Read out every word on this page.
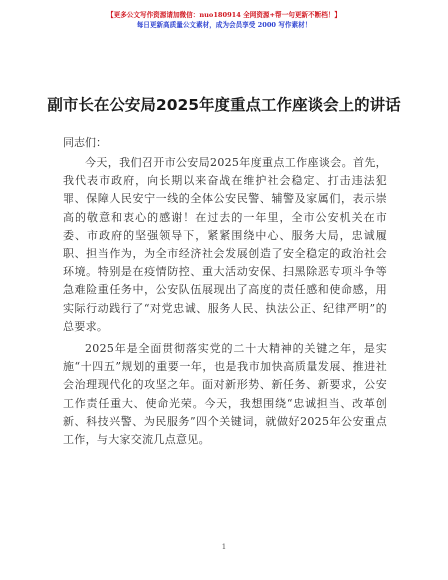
【更多公文写作资源请加微信：nuo180914 全网资源+帮一句更新不断档！】
每日更新高质量公文素材，成为会员享受 2000 写作素材！
副市长在公安局2025年度重点工作座谈会上的讲话
同志们：

今天，我们召开市公安局2025年度重点工作座谈会。首先，我代表市政府，向长期以来奋战在维护社会稳定、打击违法犯罪、保障人民安宁一线的全体公安民警、辅警及家属们，表示崇高的敬意和衷心的感谢！在过去的一年里，全市公安机关在市委、市政府的坚强领导下，紧紧围绕中心、服务大局，忠诚履职、担当作为，为全市经济社会发展创造了安全稳定的政治社会环境。特别是在疫情防控、重大活动安保、扫黑除恶专项斗争等急难险重任务中，公安队伍展现出了高度的责任感和使命感，用实际行动践行了“对党忠诚、服务人民、执法公正、纪律严明”的总要求。

2025年是全面贯彻落实党的二十大精神的关键之年，是实施“十四五”规划的重要一年，也是我市加快高质量发展、推进社会治理现代化的攻坚之年。面对新形势、新任务、新要求，公安工作责任重大、使命光荣。今天，我想围绕“忠诚担当、改革创新、科技兴警、为民服务”四个关键词，就做好2025年公安重点工作，与大家交流几点意见。

1
